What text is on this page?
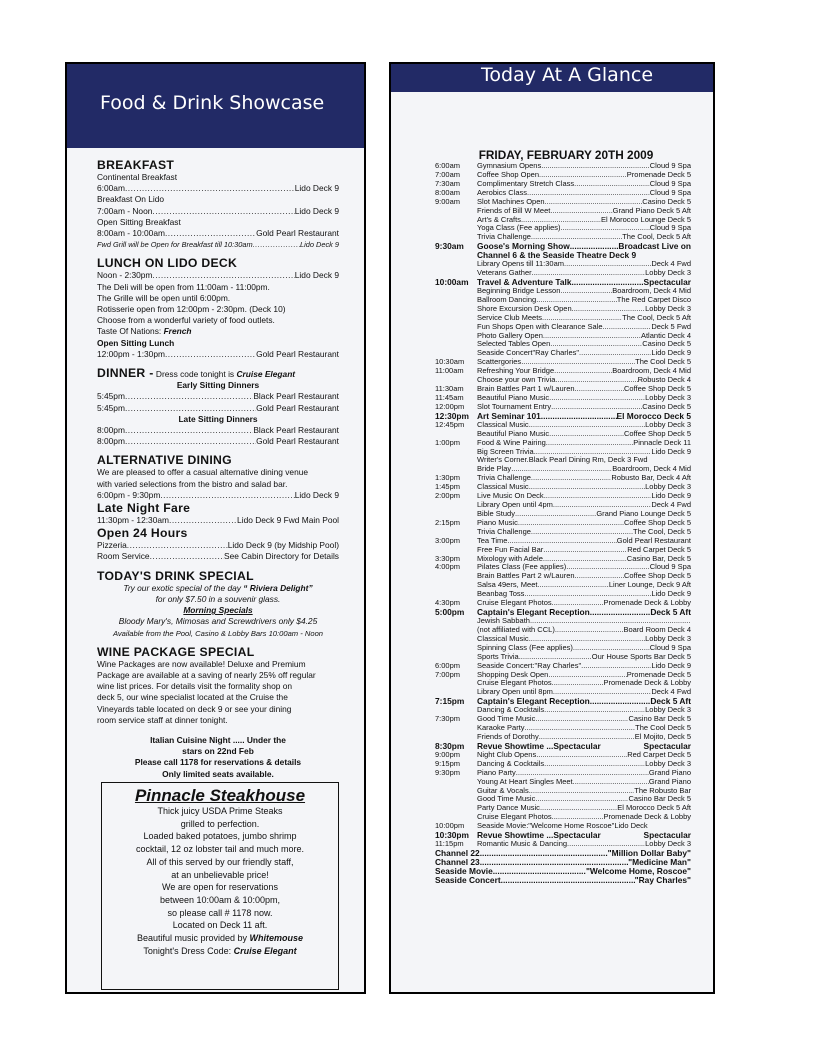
Food & Drink Showcase
BREAKFAST
Continental Breakfast
6:00am .....	Lido Deck 9
Breakfast On Lido
7:00am - Noon .....	Lido Deck 9
Open Sitting Breakfast
8:00am - 10:00am .....	Gold Pearl Restaurant
Fwd Grill will be Open for Breakfast till 10:30am .....	Lido Deck 9
LUNCH ON LIDO DECK
Noon - 2:30pm .....	Lido Deck 9
The Deli will be open from 11:00am - 11:00pm.
The Grille will be open until 6:00pm.
Rotisserie open from 12:00pm - 2:30pm. (Deck 10)
Choose from a wonderful variety of food outlets.
Taste Of Nations: French
Open Sitting Lunch
12:00pm - 1:30pm .....	Gold Pearl Restaurant
DINNER - Dress code tonight is Cruise Elegant
Early Sitting Dinners
5:45pm .....	Black Pearl Restaurant
5:45pm .....	Gold Pearl Restaurant
Late Sitting Dinners
8:00pm .....	Black Pearl Restaurant
8:00pm .....	Gold Pearl Restaurant
ALTERNATIVE DINING
We are pleased to offer a casual alternative dining venue
with varied selections from the bistro and salad bar.
6:00pm - 9:30pm .....	Lido Deck 9
Late Night Fare
11:30pm - 12:30am .....	Lido Deck 9 Fwd Main Pool
Open 24 Hours
Pizzeria .....	Lido Deck 9 (by Midship Pool)
Room Service .....	See Cabin Directory for Details
TODAY'S DRINK SPECIAL
Try our exotic special of the day “ Riviera Delight”
for only $7.50 in a souvenir glass.
Morning Specials
Bloody Mary's, Mimosas and Screwdrivers only $4.25
Available from the Pool, Casino & Lobby Bars 10:00am - Noon
WINE PACKAGE SPECIAL
Wine Packages are now available! Deluxe and Premium
Package are available at a saving of nearly 25% off regular
wine list prices. For details visit the formality shop on
deck 5, our wine specialist located at the Cruise the
Vineyards table located on deck 9 or see your dining
room service staff at dinner tonight.
Italian Cuisine Night ..... Under the
stars on 22nd Feb
Please call 1178 for reservations & details
Only limited seats available.
Pinnacle Steakhouse
Thick juicy USDA Prime Steaks
grilled to perfection.
Loaded baked potatoes, jumbo shrimp
cocktail, 12 oz lobster tail and much more.
All of this served by our friendly staff,
at an unbelievable price!
We are open for reservations
between 10:00am & 10:00pm,
so please call # 1178 now.
Located on Deck 11 aft.
Beautiful music provided by Whitemouse
Tonight's Dress Code: Cruise Elegant
Today At A Glance
FRIDAY, FEBRUARY 20TH 2009
6:00am	Gymnasium Opens .....	Cloud 9 Spa
7:00am	Coffee Shop Open .....	Promenade Deck 5
7:30am	Complimentary Stretch Class .....	Cloud 9 Spa
8:00am	Aerobics Class .....	Cloud 9 Spa
9:00am	Slot Machines Open .....	Casino Deck 5
Friends of Bill W Meet .....	Grand Piano Deck 5 Aft
Art's & Crafts .....	El Morocco Lounge Deck 5
Yoga Class (Fee applies) .....	Cloud 9 Spa
Trivia Challenge .....	The Cool, Deck 5 Aft
9:30am	Goose's Morning Show .....	Broadcast Live on
Channel 6 & the Seaside Theatre Deck 9
Library Opens till 11:30am .....	Deck 4 Fwd
Veterans Gather .....	Lobby Deck 3
10:00am	Travel & Adventure Talk .....	Spectacular
Beginning Bridge Lesson .....	Boardroom, Deck 4 Mid
Ballroom Dancing .....	The Red Carpet Disco
Shore Excursion Desk Open .....	Lobby Deck 3
Service Club Meets .....	The Cool, Deck 5 Aft
Fun Shops Open with Clearance Sale .....	Deck 5 Fwd
Photo Gallery Open .....	Atlantic Deck 4
Selected Tables Open .....	Casino Deck 5
Seaside Concert"Ray Charles" .....	Lido Deck 9
10:30am	Scattergories .....	The Cool Deck 5
11:00am	Refreshing Your Bridge .....	Boardroom, Deck 4 Mid
Choose your own Trivia .....	Robusto Deck 4
11:30am	Brain Battles Part 1 w/Lauren .....	Coffee Shop Deck 5
11:45am	Beautiful Piano Music .....	Lobby Deck 3
12:00pm	Slot Tournament Entry .....	Casino Deck 5
12:30pm Art Seminar 101 .....	El Morocco Deck 5
12:45pm	Classical Music .....	Lobby Deck 3
Beautiful Piano Music .....	Coffee Shop Deck 5
1:00pm	Food & Wine Pairing .....	Pinnacle Deck 11
Big Screen Trivia .....	Lido Deck 9
Writer's Corner.Black Pearl Dining Rm, Deck 3 Fwd
Bride Play .....	Boardroom, Deck 4 Mid
1:30pm	Trivia Challenge .....	Robusto Bar, Deck 4 Aft
1:45pm	Classical Music .....	Lobby Deck 3
2:00pm	Live Music On Deck .....	Lido Deck 9
Library Open until 4pm .....	Deck 4 Fwd
Bible Study .....	Grand Piano Lounge Deck 5
2:15pm	Piano Music .....	Coffee Shop Deck 5
Trivia Challenge .....	The Cool, Deck 5
3:00pm	Tea Time .....	Gold Pearl Restaurant
Free Fun Facial Bar .....	Red Carpet Deck 5
3:30pm	Mixology with Adele .....	Casino Bar, Deck 5
4:00pm	Pilates Class (Fee applies) .....	Cloud 9 Spa
Brain Battles Part 2 w/Lauren .....	Coffee Shop Deck 5
Salsa 49ers, Meet .....	Liner Lounge, Deck 9 Aft
Beanbag Toss .....	Lido Deck 9
4:30pm	Cruise Elegant Photos .....	Promenade Deck & Lobby
5:00pm	Captain's Elegant Reception .....	Deck 5 Aft
Jewish Sabbath
.....
(not affiliated with CCL) .....	Board Room Deck 4
Classical Music .....	Lobby Deck 3
Spinning Class (Fee applies) .....	Cloud 9 Spa
Sports Trivia .....	Our House Sports Bar Deck 5
6:00pm	Seaside Concert:"Ray Charles" .....	Lido Deck 9
7:00pm	Shopping Desk Open .....	Promenade Deck 5
Cruise Elegant Photos .....	Promenade Deck & Lobby
Library Open until 8pm .....	Deck 4 Fwd
7:15pm	Captain's Elegant Reception .....	Deck 5 Aft
Dancing & Cocktails .....	Lobby Deck 3
7:30pm	Good Time Music .....	Casino Bar Deck 5
Karaoke Party .....	The Cool Deck 5
Friends of Dorothy .....	El Mojito, Deck 5
8:30pm	Revue Showtime ...Spectacular	Spectacular
9:00pm	Night Club Opens .....	Red Carpet Deck 5
9:15pm	Dancing & Cocktails .....	Lobby Deck 3
9:30pm	Piano Party .....	Grand Piano
Young At Heart Singles Meet .....	Grand Piano
Guitar & Vocals .....	The Robusto Bar
Good Time Music .....	Casino Bar Deck 5
Party Dance Music .....	El Morocco Deck 5 Aft
Cruise Elegant Photos .....	Promenade Deck & Lobby
10:00pm	Seaside Movie:"Welcome Home Roscoe"Lido Deck
10:30pm Revue Showtime ...Spectacular	Spectacular
11:15pm	Romantic Music & Dancing .....	Lobby Deck 3
Channel 22 .....	"Million Dollar Baby"
Channel 23 .....	"Medicine Man"
Seaside Movie .....	"Welcome Home, Roscoe"
Seaside Concert .....	"Ray Charles"
